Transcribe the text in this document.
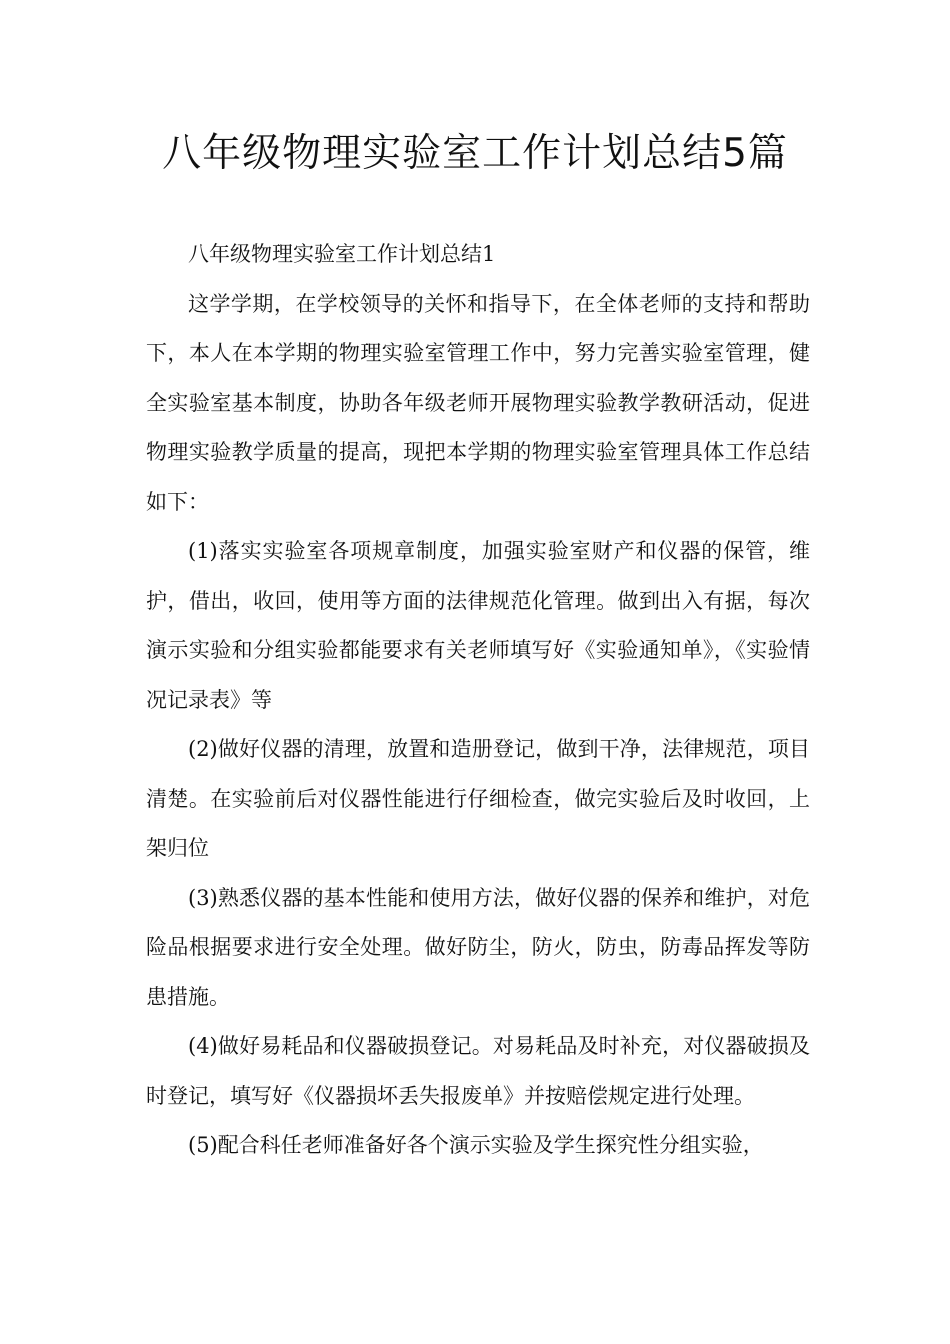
八年级物理实验室工作计划总结5篇

八年级物理实验室工作计划总结1

这学学期，在学校领导的关怀和指导下，在全体老师的支持和帮助下，本人在本学期的物理实验室管理工作中，努力完善实验室管理，健全实验室基本制度，协助各年级老师开展物理实验教学教研活动，促进物理实验教学质量的提高，现把本学期的物理实验室管理具体工作总结如下：

(1)落实实验室各项规章制度，加强实验室财产和仪器的保管，维护，借出，收回，使用等方面的法律规范化管理。做到出入有据，每次演示实验和分组实验都能要求有关老师填写好《实验通知单》，《实验情况记录表》等

(2)做好仪器的清理，放置和造册登记，做到干净，法律规范，项目清楚。在实验前后对仪器性能进行仔细检查，做完实验后及时收回，上架归位

(3)熟悉仪器的基本性能和使用方法，做好仪器的保养和维护，对危险品根据要求进行安全处理。做好防尘，防火，防虫，防毒品挥发等防患措施。

(4)做好易耗品和仪器破损登记。对易耗品及时补充，对仪器破损及时登记，填写好《仪器损坏丢失报废单》并按赔偿规定进行处理。

(5)配合科任老师准备好各个演示实验及学生探究性分组实验，
